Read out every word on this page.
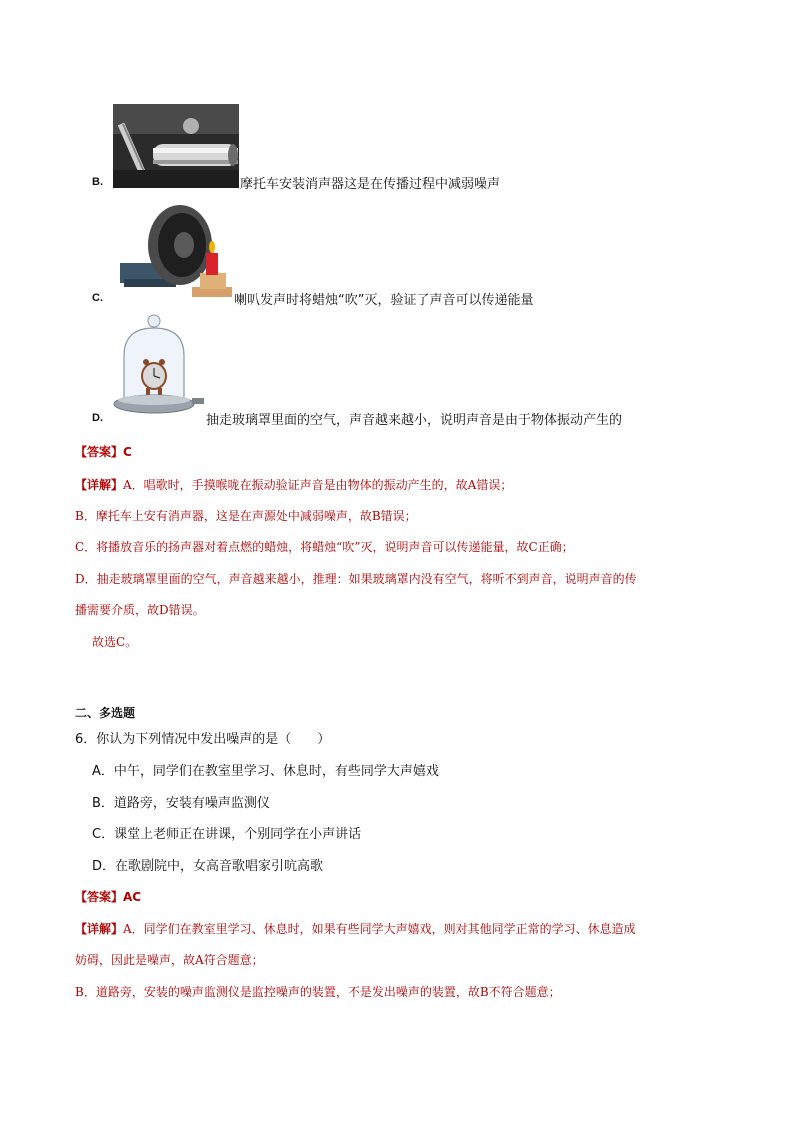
B.	摩托车安装消声器这是在传播过程中减弱噪声
C.	喇叭发声时将蜡烛“吹”灭，验证了声音可以传递能量
D.	抽走玻璃罩里面的空气，声音越来越小，说明声音是由于物体振动产生的
【答案】C
【详解】A．唱歌时，手摸喉咙在振动验证声音是由物体的振动产生的，故A错误；
B．摩托车上安有消声器，这是在声源处中减弱噪声，故B错误；
C．将播放音乐的扬声器对着点燃的蜡烛，将蜡烛“吹”灭，说明声音可以传递能量，故C正确；
D．抽走玻璃罩里面的空气，声音越来越小，推理：如果玻璃罩内没有空气，将听不到声音，说明声音的传
播需要介质，故D错误。
故选C。
二、多选题
6．你认为下列情况中发出噪声的是（　　）
A．中午，同学们在教室里学习、休息时，有些同学大声嬉戏
B．道路旁，安装有噪声监测仪
C．课堂上老师正在讲课，个别同学在小声讲话
D．在歌剧院中，女高音歌唱家引吭高歌
【答案】AC
【详解】A．同学们在教室里学习、休息时，如果有些同学大声嬉戏，则对其他同学正常的学习、休息造成
妨碍，因此是噪声，故A符合题意；
B．道路旁，安装的噪声监测仪是监控噪声的装置，不是发出噪声的装置，故B不符合题意；
